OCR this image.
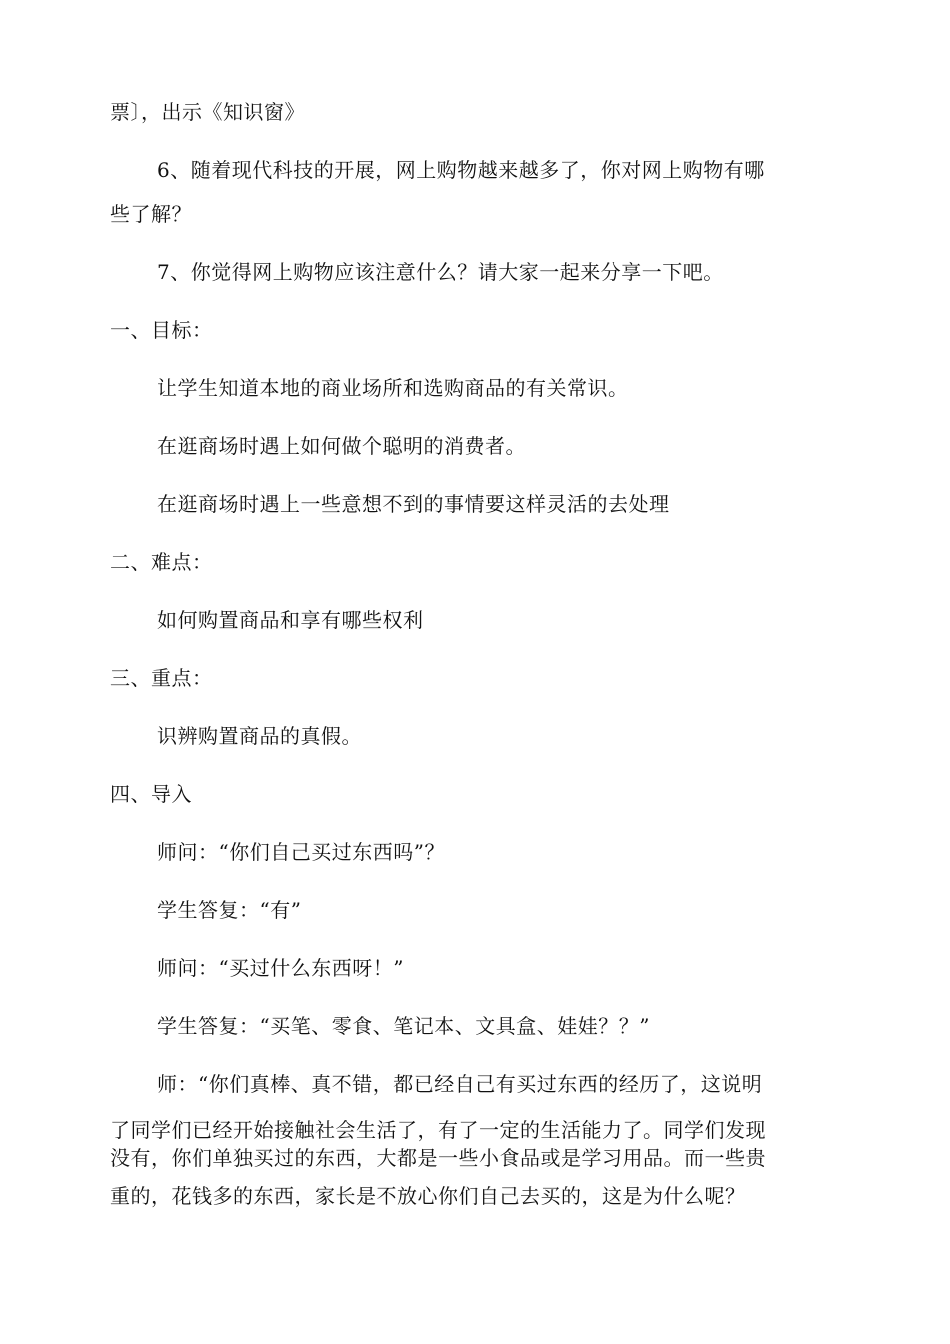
票〕，出示《知识窗》
6、随着现代科技的开展，网上购物越来越多了，你对网上购物有哪
些了解？
7、你觉得网上购物应该注意什么？请大家一起来分享一下吧。
一、目标：
让学生知道本地的商业场所和选购商品的有关常识。
在逛商场时遇上如何做个聪明的消费者。
在逛商场时遇上一些意想不到的事情要这样灵活的去处理
二、难点：
如何购置商品和享有哪些权利
三、重点：
识辨购置商品的真假。
四、导入
师问：“你们自己买过东西吗”？
学生答复：“有”
师问：“买过什么东西呀！”
学生答复：“买笔、零食、笔记本、文具盒、娃娃？？”
师：“你们真棒、真不错，都已经自己有买过东西的经历了，这说明
了同学们已经开始接触社会生活了，有了一定的生活能力了。同学们发现
没有，你们单独买过的东西，大都是一些小食品或是学习用品。而一些贵
重的，花钱多的东西，家长是不放心你们自己去买的，这是为什么呢？
